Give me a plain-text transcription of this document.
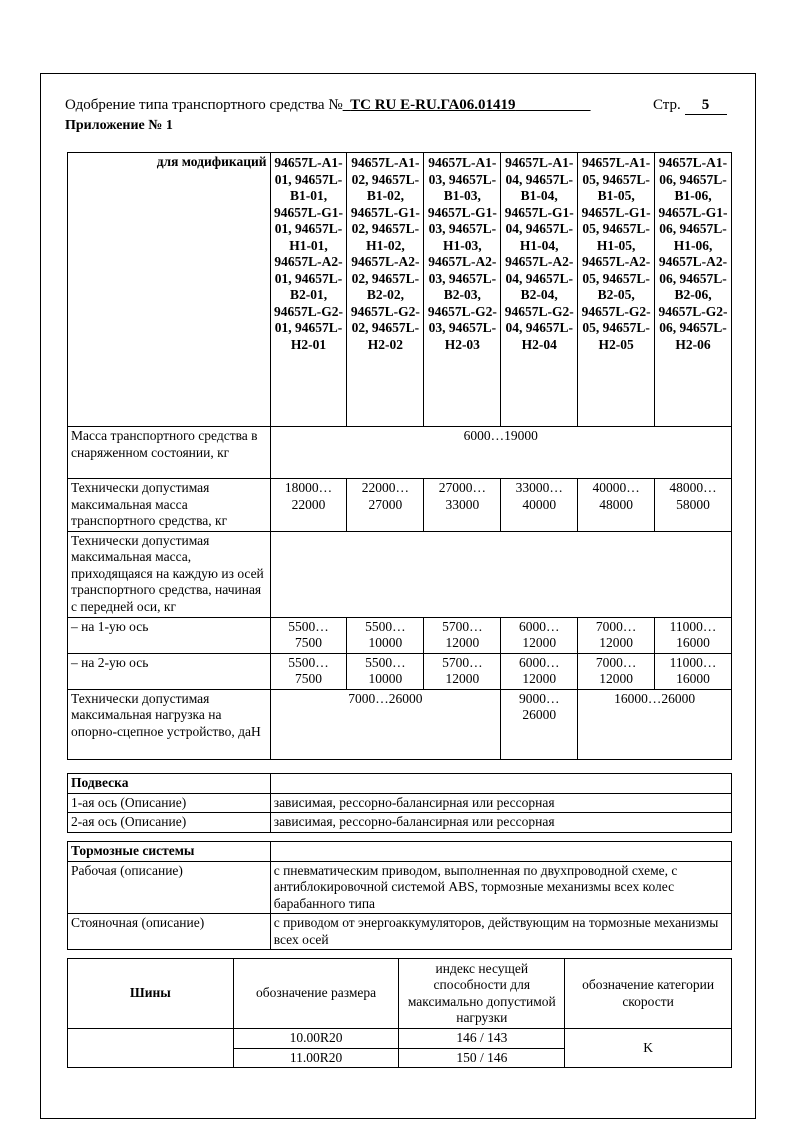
Одобрение типа транспортного средства № ТС RU E-RU.ГА06.01419	Стр. 5
Приложение № 1
для модификаций	94657L-A1-01, 94657L-B1-01, 94657L-G1-01, 94657L-H1-01, 94657L-A2-01, 94657L-B2-01, 94657L-G2-01, 94657L-H2-01	94657L-A1-02, 94657L-B1-02, 94657L-G1-02, 94657L-H1-02, 94657L-A2-02, 94657L-B2-02, 94657L-G2-02, 94657L-H2-02	94657L-A1-03, 94657L-B1-03, 94657L-G1-03, 94657L-H1-03, 94657L-A2-03, 94657L-B2-03, 94657L-G2-03, 94657L-H2-03	94657L-A1-04, 94657L-B1-04, 94657L-G1-04, 94657L-H1-04, 94657L-A2-04, 94657L-B2-04, 94657L-G2-04, 94657L-H2-04	94657L-A1-05, 94657L-B1-05, 94657L-G1-05, 94657L-H1-05, 94657L-A2-05, 94657L-B2-05, 94657L-G2-05, 94657L-H2-05	94657L-A1-06, 94657L-B1-06, 94657L-G1-06, 94657L-H1-06, 94657L-A2-06, 94657L-B2-06, 94657L-G2-06, 94657L-H2-06
Масса транспортного средства в снаряженном состоянии, кг	6000…19000					
Технически допустимая максимальная масса транспортного средства, кг	18000… 22000	22000… 27000	27000… 33000	33000… 40000	40000… 48000	48000… 58000
Технически допустимая максимальная масса, приходящаяся на каждую из осей транспортного средства, начиная с передней оси, кг						
– на 1-ую ось	5500… 7500	5500… 10000	5700… 12000	6000… 12000	7000… 12000	11000… 16000
– на 2-ую ось	5500… 7500	5500… 10000	5700… 12000	6000… 12000	7000… 12000	11000… 16000
Технически допустимая максимальная нагрузка на опорно-сцепное устройство, даН	7000…26000			9000… 26000	16000…26000	
Подвеска	
1-ая ось (Описание)	зависимая, рессорно-балансирная или рессорная
2-ая ось (Описание)	зависимая, рессорно-балансирная или рессорная
Тормозные системы	
Рабочая (описание)	с пневматическим приводом, выполненная по двухпроводной схеме, с антиблокировочной системой ABS, тормозные механизмы всех колес барабанного типа
Стояночная (описание)	с приводом от энергоаккумуляторов, действующим на тормозные механизмы всех осей
Шины	обозначение размера	индекс несущей способности для максимально допустимой нагрузки	обозначение категории скорости
	10.00R20	146 / 143	K
	11.00R20	150 / 146	
